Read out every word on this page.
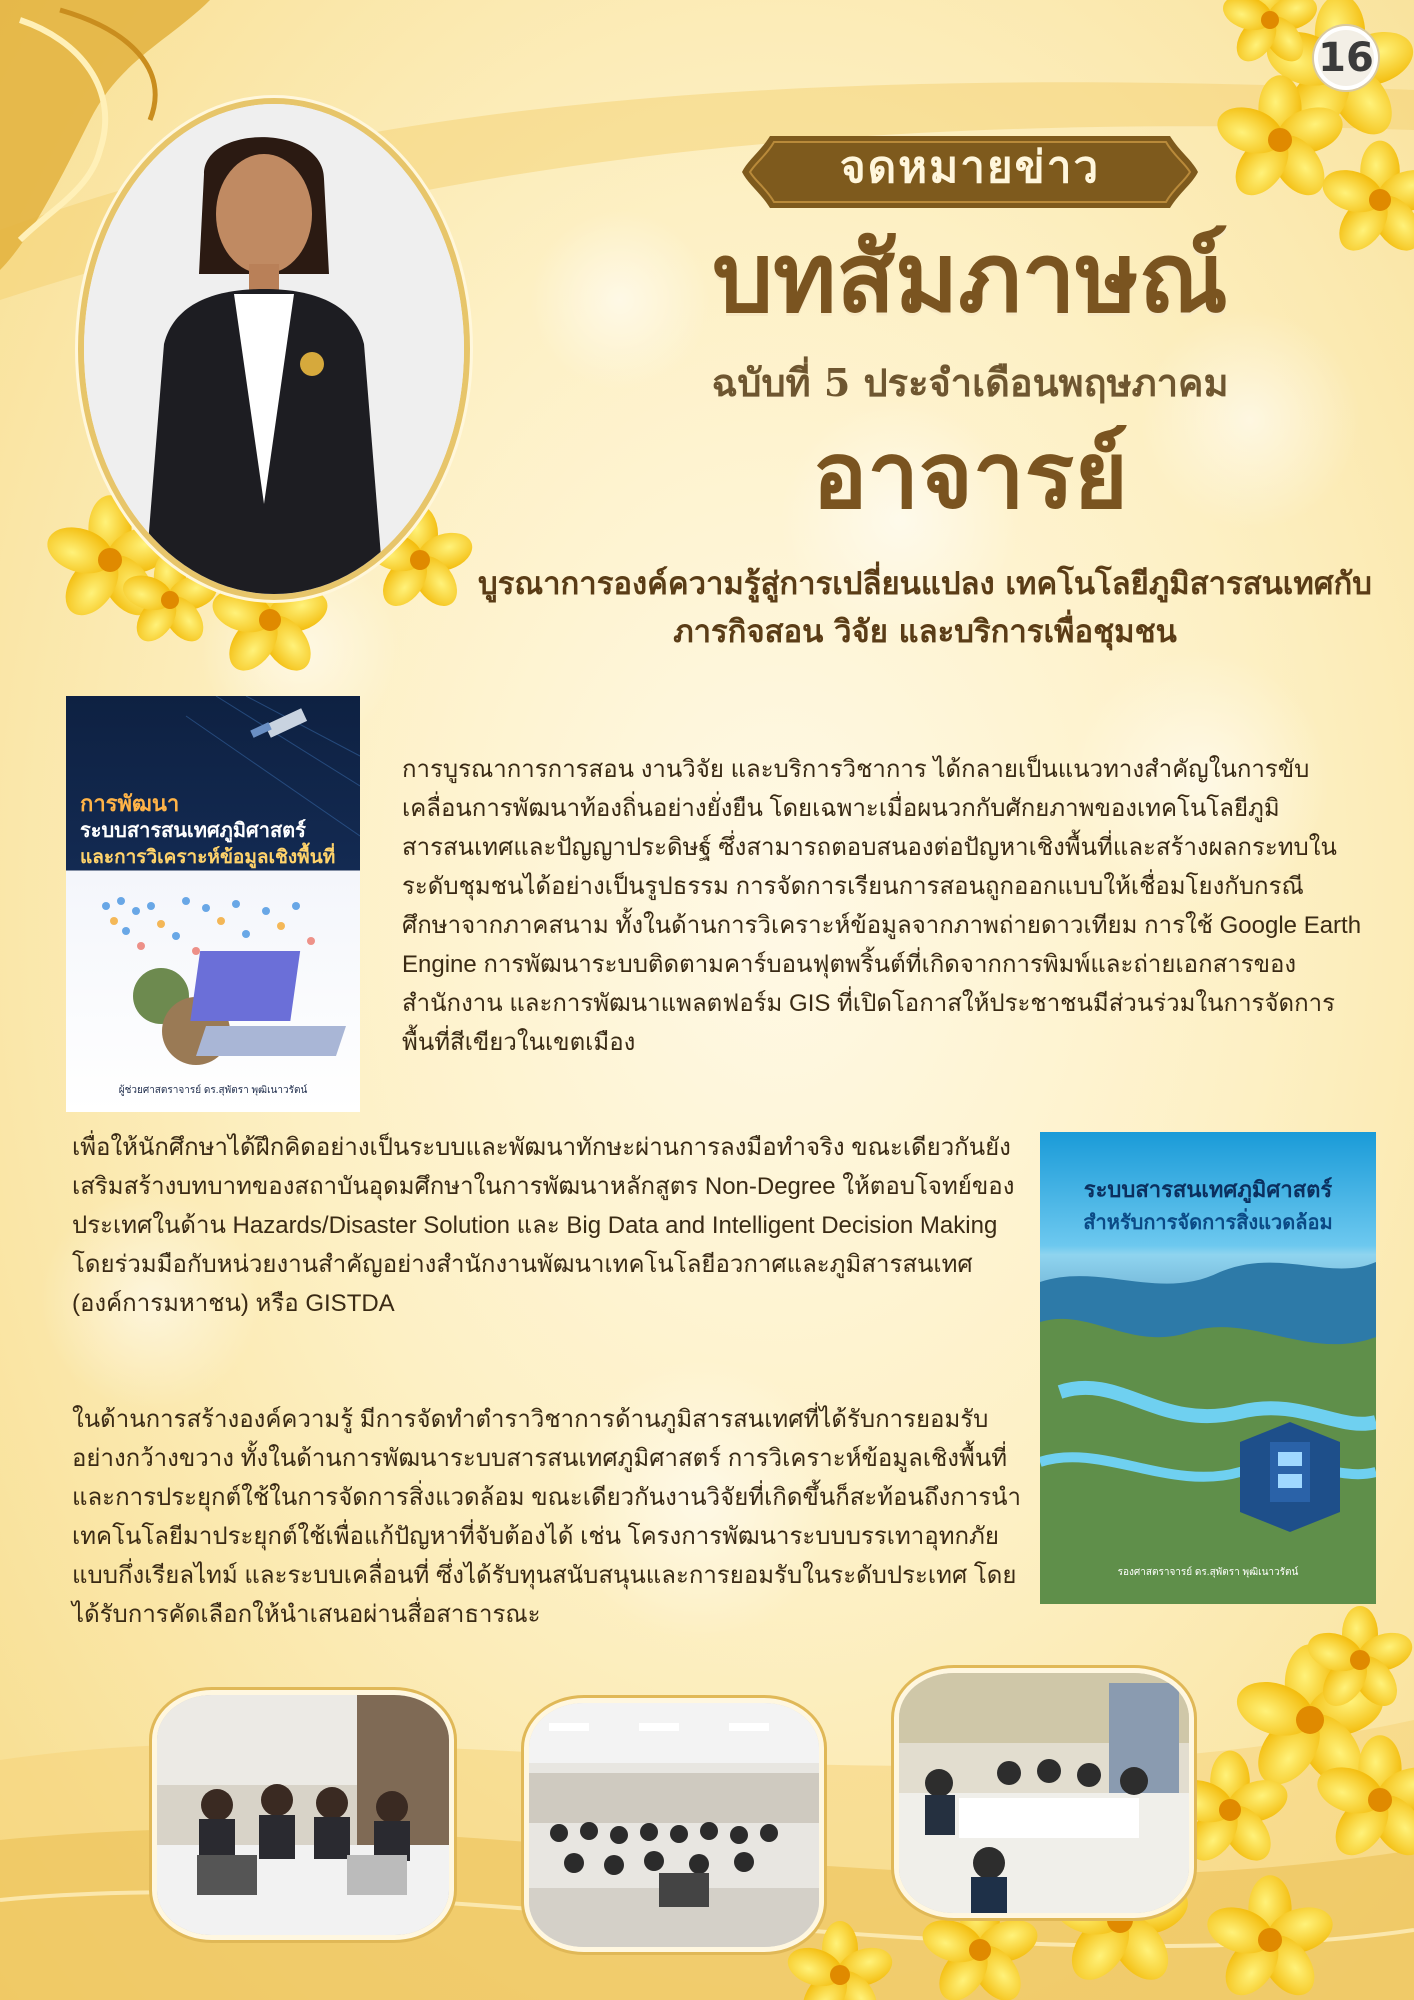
16
จดหมายข่าว
บทสัมภาษณ์
ฉบับที่ 5 ประจำเดือนพฤษภาคม
อาจารย์
บูรณาการองค์ความรู้สู่การเปลี่ยนแปลง เทคโนโลยีภูมิสารสนเทศกับภารกิจสอน วิจัย และบริการเพื่อชุมชน
การพัฒนา
ระบบสารสนเทศภูมิศาสตร์
และการวิเคราะห์ข้อมูลเชิงพื้นที่
ผู้ช่วยศาสตราจารย์ ดร.สุพัตรา พุฒิเนาวรัตน์
การบูรณาการการสอน งานวิจัย และบริการวิชาการ ได้กลายเป็นแนวทางสำคัญในการขับเคลื่อนการพัฒนาท้องถิ่นอย่างยั่งยืน โดยเฉพาะเมื่อผนวกกับศักยภาพของเทคโนโลยีภูมิสารสนเทศและปัญญาประดิษฐ์ ซึ่งสามารถตอบสนองต่อปัญหาเชิงพื้นที่และสร้างผลกระทบในระดับชุมชนได้อย่างเป็นรูปธรรม การจัดการเรียนการสอนถูกออกแบบให้เชื่อมโยงกับกรณีศึกษาจากภาคสนาม ทั้งในด้านการวิเคราะห์ข้อมูลจากภาพถ่ายดาวเทียม การใช้ Google Earth Engine การพัฒนาระบบติดตามคาร์บอนฟุตพริ้นต์ที่เกิดจากการพิมพ์และถ่ายเอกสารของสำนักงาน และการพัฒนาแพลตฟอร์ม GIS ที่เปิดโอกาสให้ประชาชนมีส่วนร่วมในการจัดการพื้นที่สีเขียวในเขตเมือง
เพื่อให้นักศึกษาได้ฝึกคิดอย่างเป็นระบบและพัฒนาทักษะผ่านการลงมือทำจริง ขณะเดียวกันยังเสริมสร้างบทบาทของสถาบันอุดมศึกษาในการพัฒนาหลักสูตร Non-Degree ให้ตอบโจทย์ของประเทศในด้าน Hazards/Disaster Solution และ Big Data and Intelligent Decision Making โดยร่วมมือกับหน่วยงานสำคัญอย่างสำนักงานพัฒนาเทคโนโลยีอวกาศและภูมิสารสนเทศ (องค์การมหาชน) หรือ GISTDA
ในด้านการสร้างองค์ความรู้ มีการจัดทำตำราวิชาการด้านภูมิสารสนเทศที่ได้รับการยอมรับอย่างกว้างขวาง ทั้งในด้านการพัฒนาระบบสารสนเทศภูมิศาสตร์ การวิเคราะห์ข้อมูลเชิงพื้นที่ และการประยุกต์ใช้ในการจัดการสิ่งแวดล้อม ขณะเดียวกันงานวิจัยที่เกิดขึ้นก็สะท้อนถึงการนำเทคโนโลยีมาประยุกต์ใช้เพื่อแก้ปัญหาที่จับต้องได้ เช่น โครงการพัฒนาระบบบรรเทาอุทกภัยแบบกึ่งเรียลไทม์ และระบบเคลื่อนที่ ซึ่งได้รับทุนสนับสนุนและการยอมรับในระดับประเทศ โดยได้รับการคัดเลือกให้นำเสนอผ่านสื่อสาธารณะ
ระบบสารสนเทศภูมิศาสตร์
สำหรับการจัดการสิ่งแวดล้อม
รองศาสตราจารย์ ดร.สุพัตรา พุฒิเนาวรัตน์
